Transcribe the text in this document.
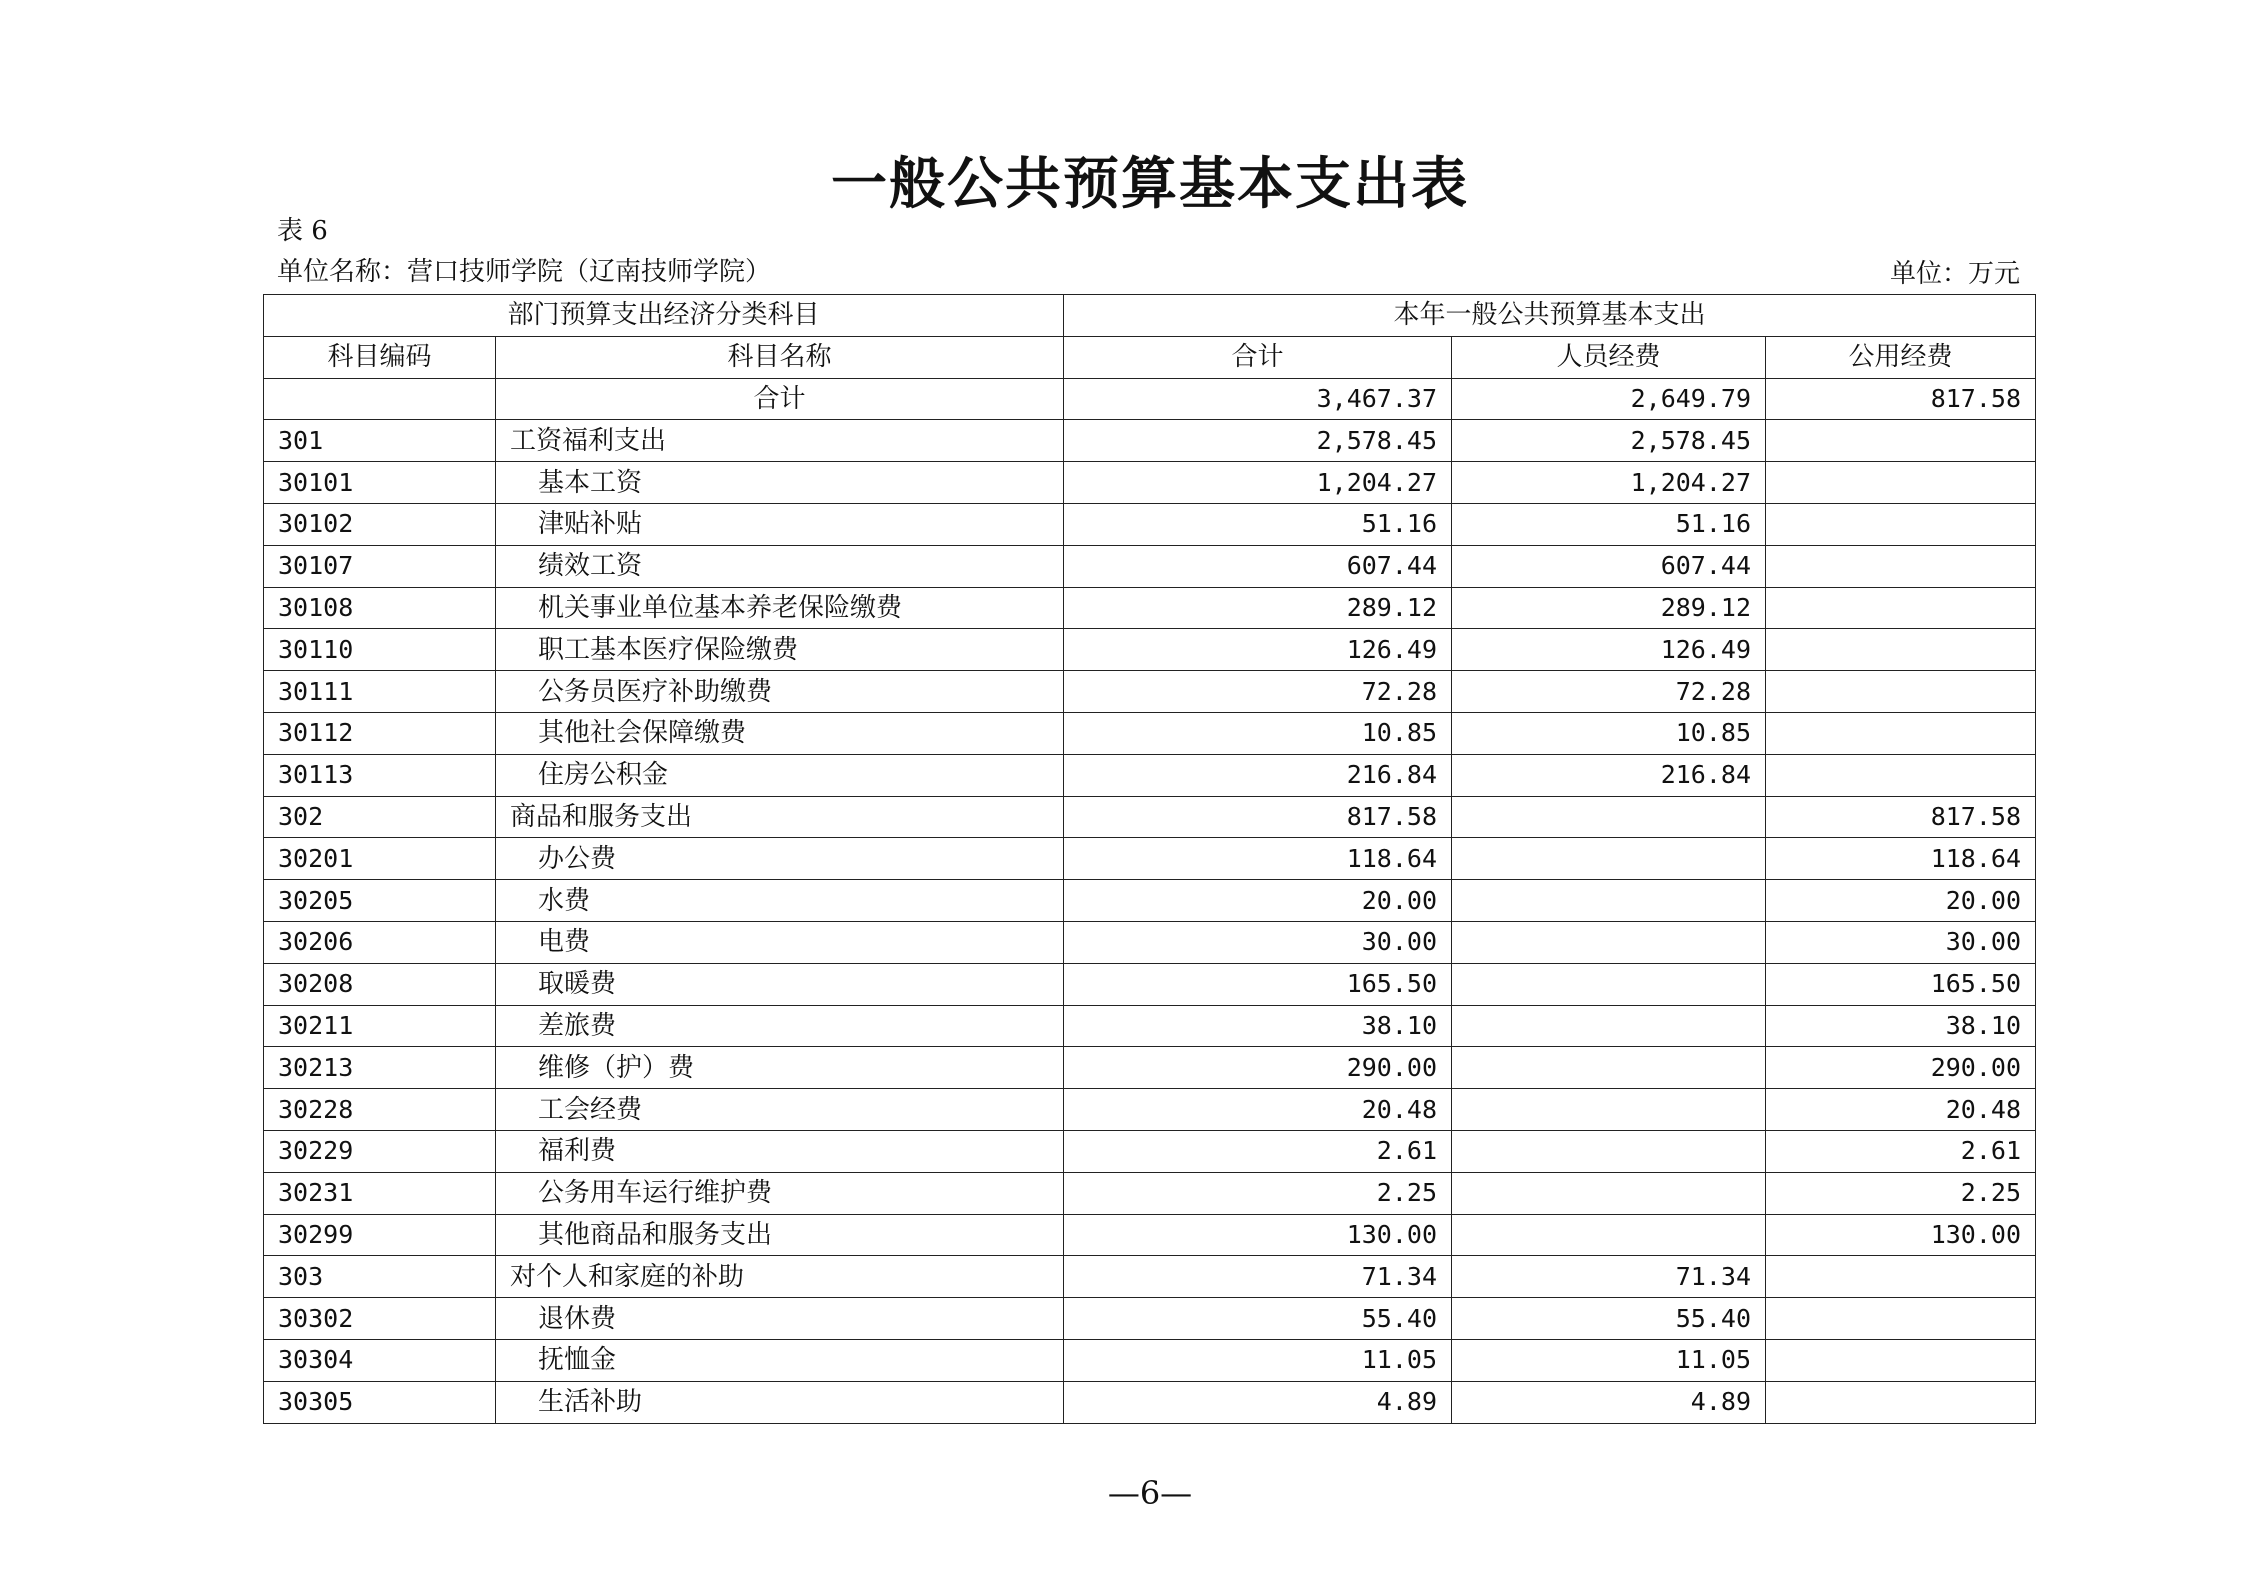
一般公共预算基本支出表
表 6
单位名称：营口技师学院（辽南技师学院）	单位：万元
部门预算支出经济分类科目		本年一般公共预算基本支出		
科目编码	科目名称	合计	人员经费	公用经费
	合计	3,467.37	2,649.79	817.58
301	工资福利支出	2,578.45	2,578.45	
30101	基本工资	1,204.27	1,204.27	
30102	津贴补贴	51.16	51.16	
30107	绩效工资	607.44	607.44	
30108	机关事业单位基本养老保险缴费	289.12	289.12	
30110	职工基本医疗保险缴费	126.49	126.49	
30111	公务员医疗补助缴费	72.28	72.28	
30112	其他社会保障缴费	10.85	10.85	
30113	住房公积金	216.84	216.84	
302	商品和服务支出	817.58		817.58
30201	办公费	118.64		118.64
30205	水费	20.00		20.00
30206	电费	30.00		30.00
30208	取暖费	165.50		165.50
30211	差旅费	38.10		38.10
30213	维修（护）费	290.00		290.00
30228	工会经费	20.48		20.48
30229	福利费	2.61		2.61
30231	公务用车运行维护费	2.25		2.25
30299	其他商品和服务支出	130.00		130.00
303	对个人和家庭的补助	71.34	71.34	
30302	退休费	55.40	55.40	
30304	抚恤金	11.05	11.05	
30305	生活补助	4.89	4.89	
—6—
